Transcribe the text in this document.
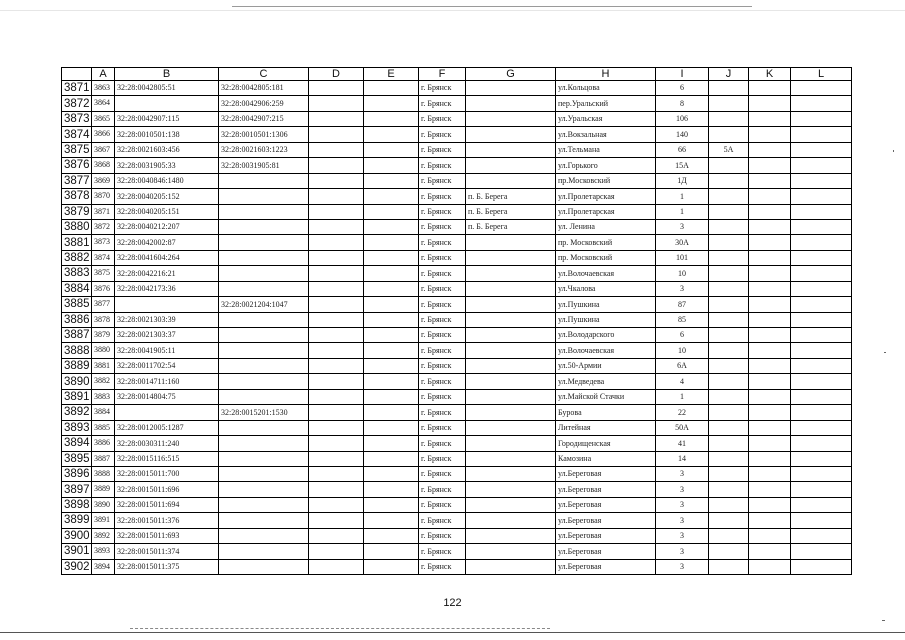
	A	B	C	D	E	F	G	H	I	J	K	L
3871	3863	32:28:0042805:51	32:28:0042805:181			г. Брянск		ул.Кольцова	6			
3872	3864		32:28:0042906:259			г. Брянск		пер.Уральский	8			
3873	3865	32:28:0042907:115	32:28:0042907:215			г. Брянск		ул.Уральская	106			
3874	3866	32:28:0010501:138	32:28:0010501:1306			г. Брянск		ул.Вокзальная	140			
3875	3867	32:28:0021603:456	32:28:0021603:1223			г. Брянск		ул.Тельмана	66	5А		
3876	3868	32:28:0031905:33	32:28:0031905:81			г. Брянск		ул.Горького	15А			
3877	3869	32:28:0040846:1480				г. Брянск		пр.Московский	1Д			
3878	3870	32:28:0040205:152				г. Брянск	п. Б. Берега	ул.Пролетарская	1			
3879	3871	32:28:0040205:151				г. Брянск	п. Б. Берега	ул.Пролетарская	1			
3880	3872	32:28:0040212:207				г. Брянск	п. Б. Берега	ул. Ленина	3			
3881	3873	32:28:0042002:87				г. Брянск		пр. Московский	30А			
3882	3874	32:28:0041604:264				г. Брянск		пр. Московский	101			
3883	3875	32:28:0042216:21				г. Брянск		ул.Волочаевская	10			
3884	3876	32:28:0042173:36				г. Брянск		ул.Чкалова	3			
3885	3877		32:28:0021204:1047			г. Брянск		ул.Пушкина	87			
3886	3878	32:28:0021303:39				г. Брянск		ул.Пушкина	85			
3887	3879	32:28:0021303:37				г. Брянск		ул.Володарского	6			
3888	3880	32:28:0041905:11				г. Брянск		ул.Волочаевская	10			
3889	3881	32:28:0011702:54				г. Брянск		ул.50-Армии	6А			
3890	3882	32:28:0014711:160				г. Брянск		ул.Медведева	4			
3891	3883	32:28:0014804:75				г. Брянск		ул.Майской Стачки	1			
3892	3884		32:28:0015201:1530			г. Брянск		Бурова	22			
3893	3885	32:28:0012005:1287				г. Брянск		Литейная	50А			
3894	3886	32:28:0030311:240				г. Брянск		Городищенская	41			
3895	3887	32:28:0015116:515				г. Брянск		Камозина	14			
3896	3888	32:28:0015011:700				г. Брянск		ул.Береговая	3			
3897	3889	32:28:0015011:696				г. Брянск		ул.Береговая	3			
3898	3890	32:28:0015011:694				г. Брянск		ул.Береговая	3			
3899	3891	32:28:0015011:376				г. Брянск		ул.Береговая	3			
3900	3892	32:28:0015011:693				г. Брянск		ул.Береговая	3			
3901	3893	32:28:0015011:374				г. Брянск		ул.Береговая	3			
3902	3894	32:28:0015011:375				г. Брянск		ул.Береговая	3			
122
